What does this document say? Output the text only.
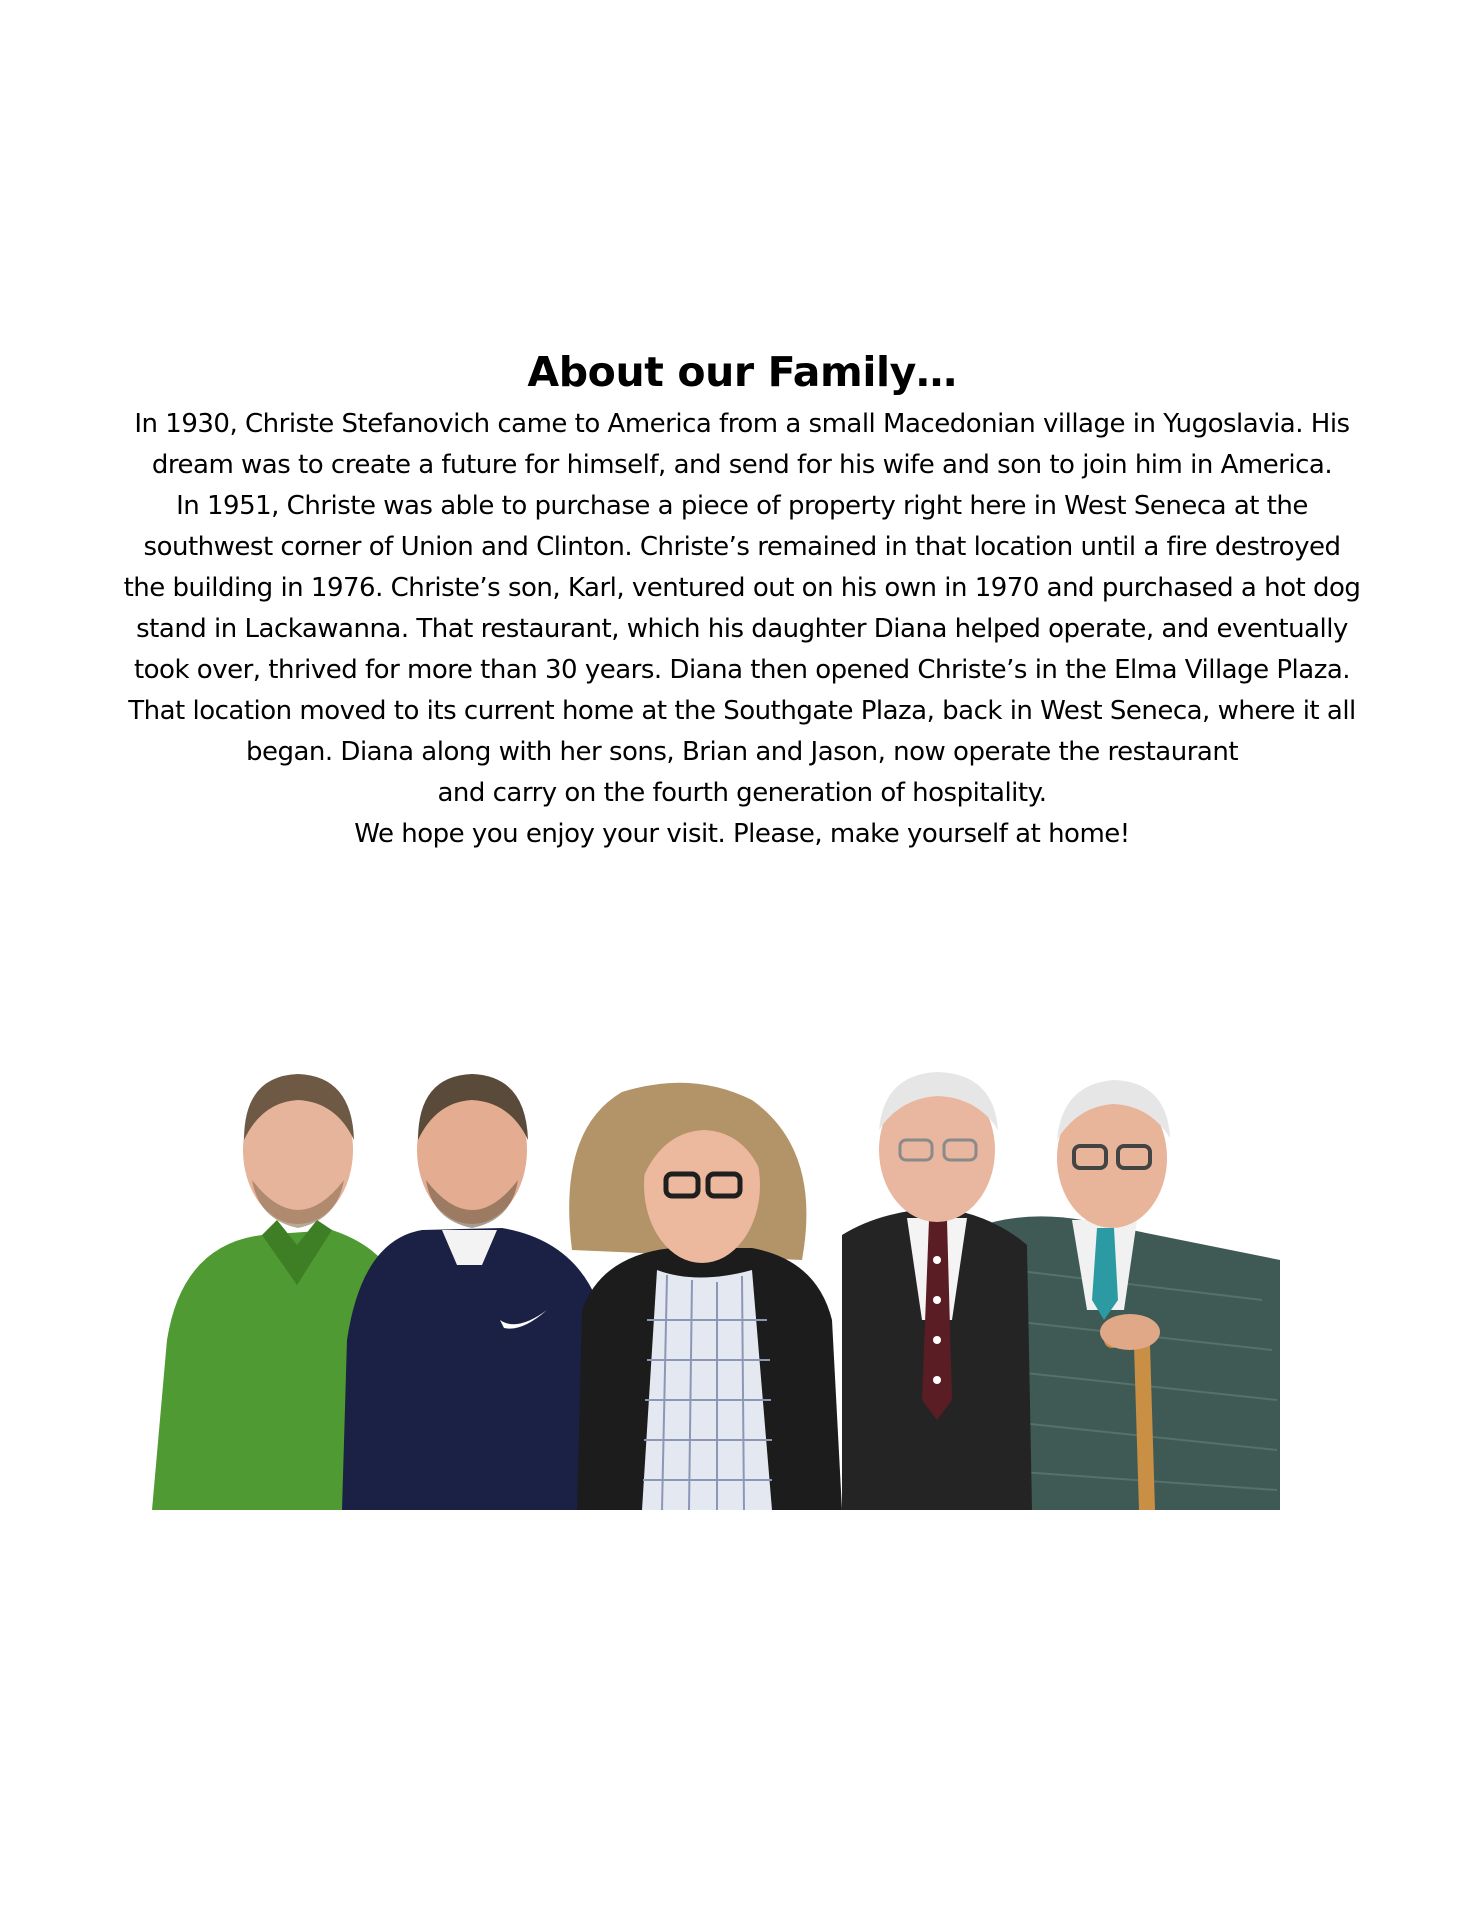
About our Family…
In 1930, Christe Stefanovich came to America from a small Macedonian village in Yugoslavia. His
dream was to create a future for himself, and send for his wife and son to join him in America.
In 1951, Christe was able to purchase a piece of property right here in West Seneca at the
southwest corner of Union and Clinton. Christe’s remained in that location until a fire destroyed
the building in 1976. Christe’s son, Karl, ventured out on his own in 1970 and purchased a hot dog
stand in Lackawanna. That restaurant, which his daughter Diana helped operate, and eventually
took over, thrived for more than 30 years. Diana then opened Christe’s in the Elma Village Plaza.
That location moved to its current home at the Southgate Plaza, back in West Seneca, where it all
began. Diana along with her sons, Brian and Jason, now operate the restaurant
and carry on the fourth generation of hospitality.
We hope you enjoy your visit. Please, make yourself at home!
